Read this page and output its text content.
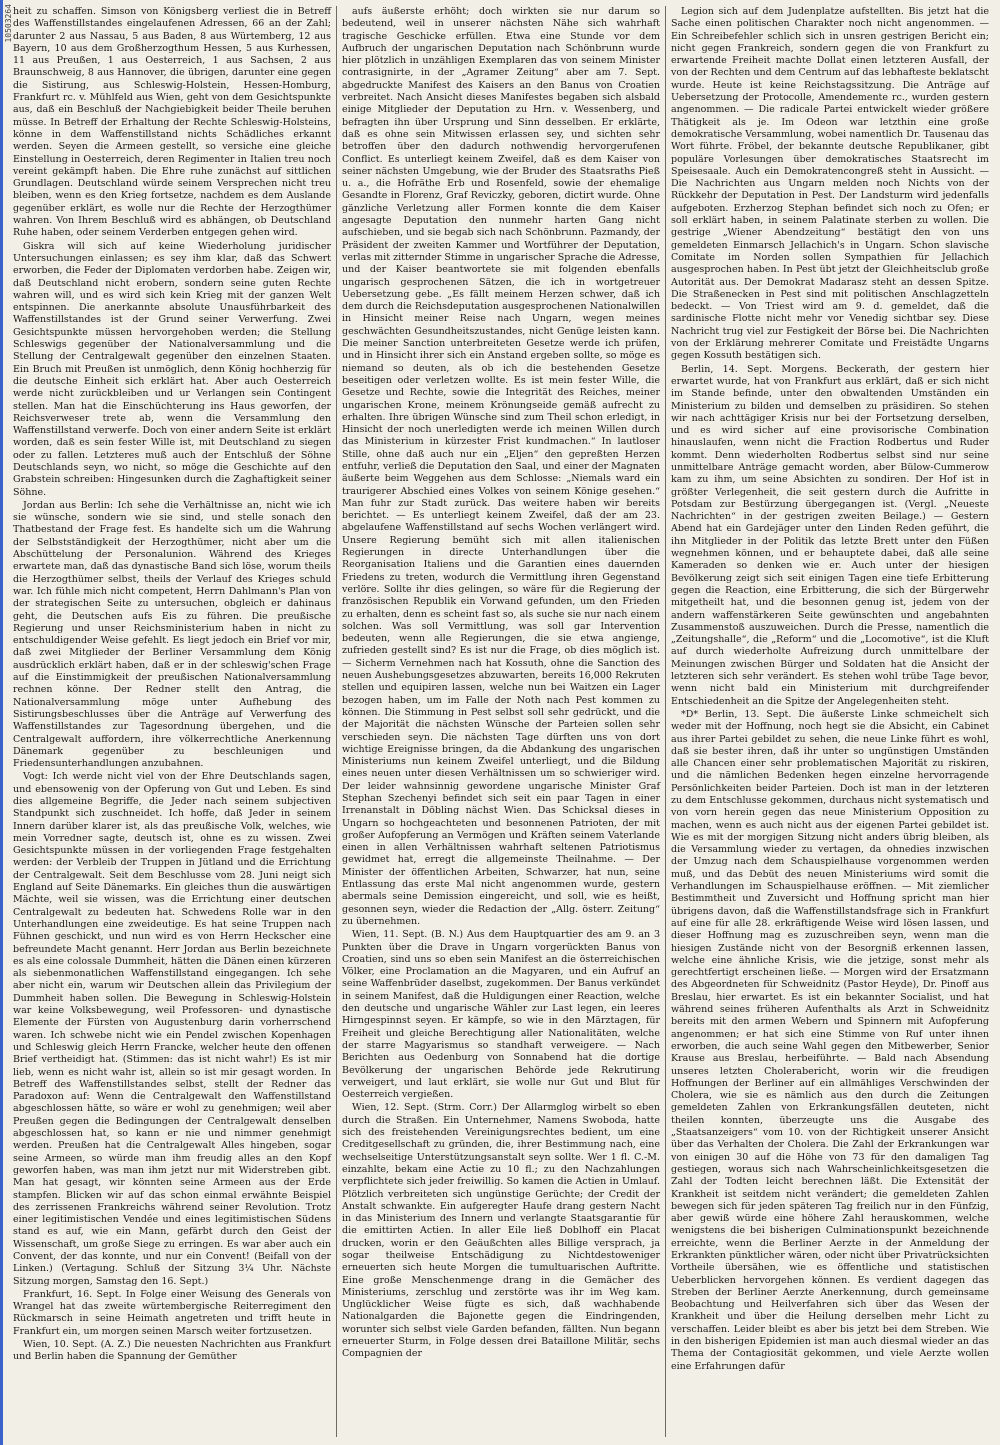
10503264 heit zu schaffen. Simson von Königsberg verliest die in Betreff des Waffenstillstandes eingelaufenen Adressen, 66 an der Zahl; darunter 2 aus Nassau, 5 aus Baden, 8 aus Würtemberg, 12 aus Bayern, 10 aus dem Großherzogthum Hessen, 5 aus Kurhessen, 11 aus Preußen, 1 aus Oesterreich, 1 aus Sachsen, 2 aus Braunschweig, 8 aus Hannover, die übrigen, darunter eine gegen die Sistirung, aus Schleswig-Holstein, Hessen-Homburg, Frankfurt rc. v. Mühlfeld aus Wien, geht von dem Gesichtspunkte aus, daß ein Beschluß der Nachgiebigkeit beider Theile beruhen müsse. In Betreff der Erhaltung der Rechte Schleswig-Holsteins, könne in dem Waffenstillstand nichts Schädliches erkannt werden. Seyen die Armeen gestellt, so versiche eine gleiche Einstellung in Oesterreich, deren Regimenter in Italien treu noch vereint gekämpft haben. Die Ehre ruhe zunächst auf sittlichen Grundlagen. Deutschland würde seinem Versprechen nicht treu bleiben, wenn es den Krieg fortsetze, nachdem es dem Auslande gegenüber erklärt, es wolle nur die Rechte der Herzogthümer wahren. Von Ihrem Beschluß wird es abhängen, ob Deutschland Ruhe haben, oder seinem Verderben entgegen gehen wird.

Giskra will sich auf keine Wiederholung juridischer Untersuchungen einlassen; es sey ihm klar, daß das Schwert erworben, die Feder der Diplomaten verdorben habe. Zeigen wir, daß Deutschland nicht erobern, sondern seine guten Rechte wahren will, und es wird sich kein Krieg mit der ganzen Welt entspinnen. Die anerkannte absolute Unausführbarkeit des Waffenstillstandes ist der Grund seiner Verwerfung. Zwei Gesichtspunkte müssen hervorgehoben werden; die Stellung Schleswigs gegenüber der Nationalversammlung und die Stellung der Centralgewalt gegenüber den einzelnen Staaten. Ein Bruch mit Preußen ist unmöglich, denn König hochherzig für die deutsche Einheit sich erklärt hat. Aber auch Oesterreich werde nicht zurückbleiben und ur Verlangen sein Contingent stellen. Man hat die Einschüchterung ins Haus geworfen, der Reichsverweser trete ab, wenn die Versammlung den Waffenstillstand verwerfe. Doch von einer andern Seite ist erklärt worden, daß es sein fester Wille ist, mit Deutschland zu siegen oder zu fallen. Letzteres muß auch der Entschluß der Söhne Deutschlands seyn, wo nicht, so möge die Geschichte auf den Grabstein schreiben: Hingesunken durch die Zaghaftigkeit seiner Söhne.

Jordan aus Berlin: Ich sehe die Verhältnisse an, nicht wie ich sie wünsche, sondern wie sie sind, und stelle sonach den Thatbestand der Frage fest. Es handelte sich um die Wahrung der Selbstständigkeit der Herzogthümer, nicht aber um die Abschüttelung der Personalunion. Während des Krieges erwartete man, daß das dynastische Band sich löse, worum theils die Herzogthümer selbst, theils der Verlauf des Krieges schuld war. Ich fühle mich nicht competent, Herrn Dahlmann's Plan von der strategischen Seite zu untersuchen, obgleich er dahinaus geht, die Deutschen aufs Eis zu führen. Die preußische Regierung und unser Reichsministerium haben in nicht zu entschuldigender Weise gefehlt. Es liegt jedoch ein Brief vor mir, daß zwei Mitglieder der Berliner Versammlung dem König ausdrücklich erklärt haben, daß er in der schleswig'schen Frage auf die Einstimmigkeit der preußischen Nationalversammlung rechnen könne. Der Redner stellt den Antrag, die Nationalversammlung möge unter Aufhebung des Sistirungsbeschlusses über die Anträge auf Verwerfung des Waffenstillstandes zur Tagesordnung übergehen, und die Centralgewalt auffordern, ihre völkerrechtliche Anerkennung Dänemark gegenüber zu beschleunigen und Friedensunterhandlungen anzubahnen.

Vogt: Ich werde nicht viel von der Ehre Deutschlands sagen, und ebensowenig von der Opferung von Gut und Leben. Es sind dies allgemeine Begriffe, die Jeder nach seinem subjectiven Standpunkt sich zuschneidet. Ich hoffe, daß Jeder in seinem Innern darüber klarer ist, als das preußische Volk, welches, wie mein Vorredner sagte, deutsch ist, ohne es zu wissen. Zwei Gesichtspunkte müssen in der vorliegenden Frage festgehalten werden: der Verbleib der Truppen in Jütland und die Errichtung der Centralgewalt. Seit dem Beschlusse vom 28. Juni neigt sich England auf Seite Dänemarks. Ein gleiches thun die auswärtigen Mächte, weil sie wissen, was die Errichtung einer deutschen Centralgewalt zu bedeuten hat. Schwedens Rolle war in den Unterhandlungen eine zweideutige. Es hat seine Truppen nach Fühnen geschickt, und nun wird es von Herrn Heckscher eine befreundete Macht genannt. Herr Jordan aus Berlin bezeichnete es als eine colossale Dummheit, hätten die Dänen einen kürzeren als siebenmonatlichen Waffenstillstand eingegangen. Ich sehe aber nicht ein, warum wir Deutschen allein das Privilegium der Dummheit haben sollen. Die Bewegung in Schleswig-Holstein war keine Volksbewegung, weil Professoren- und dynastische Elemente der Fürsten von Augustenburg darin vorherrschend waren. Ich schwebe nicht wie ein Pendel zwischen Kopenhagen und Schleswig gleich Herrn Francke, welcher heute den offenen Brief vertheidigt hat. (Stimmen: das ist nicht wahr!) Es ist mir lieb, wenn es nicht wahr ist, allein so ist mir gesagt worden. In Betreff des Waffenstillstandes selbst, stellt der Redner das Paradoxon auf: Wenn die Centralgewalt den Waffenstillstand abgeschlossen hätte, so wäre er wohl zu genehmigen; weil aber Preußen gegen die Bedingungen der Centralgewalt denselben abgeschlossen hat, so kann er nie und nimmer genehmigt werden. Preußen hat die Centralgewalt Alles hingeben, sogar seine Armeen, so würde man ihm freudig alles an den Kopf geworfen haben, was man ihm jetzt nur mit Widerstreben gibt. Man hat gesagt, wir könnten seine Armeen aus der Erde stampfen. Blicken wir auf das schon einmal erwähnte Beispiel des zerrissenen Frankreichs während seiner Revolution. Trotz einer legitimistischen Vendée und eines legitimistischen Südens stand es auf, wie ein Mann, gefärbt durch den Geist der Wissenschaft, um große Siege zu erringen. Es war aber auch ein Convent, der das konnte, und nur ein Convent! (Beifall von der Linken.) (Vertagung. Schluß der Sitzung 3¼ Uhr. Nächste Sitzung morgen, Samstag den 16. Sept.)

Frankfurt, 16. Sept. In Folge einer Weisung des Generals von Wrangel hat das zweite würtembergische Reiterregiment den Rückmarsch in seine Heimath angetreten und trifft heute in Frankfurt ein, um morgen seinen Marsch weiter fortzusetzen.

Wien, 10. Sept. (A. Z.) Die neuesten Nachrichten aus Frankfurt und Berlin haben die Spannung der Gemüther

aufs äußerste erhöht; doch wirkten sie nur darum so bedeutend, weil in unserer nächsten Nähe sich wahrhaft tragische Geschicke erfüllen. Etwa eine Stunde vor dem Aufbruch der ungarischen Deputation nach Schönbrunn wurde hier plötzlich in unzähligen Exemplaren das von seinem Minister contrasignirte, in der „Agramer Zeitung“ aber am 7. Sept. abgedruckte Manifest des Kaisers an den Banus von Croatien verbreitet. Nach Ansicht dieses Manifestes begaben sich alsbald einige Mitglieder der Deputation zu Hrn. v. Wessenberg, und befragten ihn über Ursprung und Sinn desselben. Er erklärte, daß es ohne sein Mitwissen erlassen sey, und sichten sehr betroffen über den dadurch nothwendig hervorgerufenen Conflict. Es unterliegt keinem Zweifel, daß es dem Kaiser von seiner nächsten Umgebung, wie der Bruder des Staatsraths Pieß u. a., die Hofräthe Erb und Rosenfeld, sowie der ehemalige Gesandte in Florenz, Graf Reviczky, geboren, dictirt wurde. Ohne gänzliche Verletzung aller Formen konnte die dem Kaiser angesagte Deputation den nunmehr harten Gang nicht aufschieben, und sie begab sich nach Schönbrunn. Pazmandy, der Präsident der zweiten Kammer und Wortführer der Deputation, verlas mit zitternder Stimme in ungarischer Sprache die Adresse, und der Kaiser beantwortete sie mit folgenden ebenfalls ungarisch gesprochenen Sätzen, die ich in wortgetreuer Uebersetzung gebe. „Es fällt meinem Herzen schwer, daß ich dem durch die Reichsdeputation ausgesprochenen Nationalwillen in Hinsicht meiner Reise nach Ungarn, wegen meines geschwächten Gesundheitszustandes, nicht Genüge leisten kann. Die meiner Sanction unterbreiteten Gesetze werde ich prüfen, und in Hinsicht ihrer sich ein Anstand ergeben sollte, so möge es niemand so deuten, als ob ich die bestehenden Gesetze beseitigen oder verletzen wollte. Es ist mein fester Wille, die Gesetze und Rechte, sowie die Integrität des Reiches, meiner ungarischen Krone, meinem Krönungseide gemäß aufrecht zu erhalten. Ihre übrigen Wünsche sind zum Theil schon erledigt, in Hinsicht der noch unerledigten werde ich meinen Willen durch das Ministerium in kürzester Frist kundmachen.“ In lautloser Stille, ohne daß auch nur ein „Eljen“ den gepreßten Herzen entfuhr, verließ die Deputation den Saal, und einer der Magnaten äußerte beim Weggehen aus dem Schlosse: „Niemals ward ein traurigerer Abschied eines Volkes von seinem Könige gesehen.“ Man fuhr zur Stadt zurück. Das weitere haben wir bereits berichtet. — Es unterliegt keinem Zweifel, daß der am 23. abgelaufene Waffenstillstand auf sechs Wochen verlängert wird. Unsere Regierung bemüht sich mit allen italienischen Regierungen in directe Unterhandlungen über die Reorganisation Italiens und die Garantien eines dauernden Friedens zu treten, wodurch die Vermittlung ihren Gegenstand verlöre. Sollte ihr dies gelingen, so wäre für die Regierung der französischen Republik ein Vorwand gefunden, um den Frieden zu erhalten, denn es scheint fast so, als suche sie nur nach einem solchen. Was soll Vermittlung, was soll gar Intervention bedeuten, wenn alle Regierungen, die sie etwa angienge, zufrieden gestellt sind? Es ist nur die Frage, ob dies möglich ist. — Sicherm Vernehmen nach hat Kossuth, ohne die Sanction des neuen Aushebungsgesetzes abzuwarten, bereits 16,000 Rekruten stellen und equipiren lassen, welche nun bei Waitzen ein Lager bezogen haben, um im Falle der Noth nach Pest kommen zu können. Die Stimmung in Pest selbst soll sehr gedrückt, und die der Majorität die nächsten Wünsche der Parteien sollen sehr verschieden seyn. Die nächsten Tage dürften uns von dort wichtige Ereignisse bringen, da die Abdankung des ungarischen Ministeriums nun keinem Zweifel unterliegt, und die Bildung eines neuen unter diesen Verhältnissen um so schwieriger wird. Der leider wahnsinnig gewordene ungarische Minister Graf Stephan Szechenyi befindet sich seit ein paar Tagen in einer Irrenanstalt in Döbling nächst Wien. Das Schicksal dieses in Ungarn so hochgeachteten und besonnenen Patrioten, der mit großer Aufopferung an Vermögen und Kräften seinem Vaterlande einen in allen Verhältnissen wahrhaft seltenen Patriotismus gewidmet hat, erregt die allgemeinste Theilnahme. — Der Minister der öffentlichen Arbeiten, Schwarzer, hat nun, seine Entlassung das erste Mal nicht angenommen wurde, gestern abermals seine Demission eingereicht, und soll, wie es heißt, gesonnen seyn, wieder die Redaction der „Allg. österr. Zeitung“ zu übernehmen.

Wien, 11. Sept. (B. N.) Aus dem Hauptquartier des am 9. an 3 Punkten über die Drave in Ungarn vorgerückten Banus von Croatien, sind uns so eben sein Manifest an die österreichischen Völker, eine Proclamation an die Magyaren, und ein Aufruf an seine Waffenbrüder daselbst, zugekommen. Der Banus verkündet in seinem Manifest, daß die Huldigungen einer Reaction, welche den deutsche und ungarische Wähler zur Last legen, ein leeres Hirngespinnst seyen. Er kämpfe, so wie in den Märztagen, für Freiheit und gleiche Berechtigung aller Nationalitäten, welche der starre Magyarismus so standhaft verweigere. — Nach Berichten aus Oedenburg von Sonnabend hat die dortige Bevölkerung der ungarischen Behörde jede Rekrutirung verweigert, und laut erklärt, sie wolle nur Gut und Blut für Oesterreich vergießen.

Wien, 12. Sept. (Strm. Corr.) Der Allarmglog wirbelt so eben durch die Straßen. Ein Unternehmer, Namens Swoboda, hatte sich des freistehenden Vereinigungsrechtes bedient, um eine Creditgesellschaft zu gründen, die, ihrer Bestimmung nach, eine wechselseitige Unterstützungsanstalt seyn sollte. Wer 1 fl. C.-M. einzahlte, bekam eine Actie zu 10 fl.; zu den Nachzahlungen verpflichtete sich jeder freiwillig. So kamen die Actien in Umlauf. Plötzlich verbreiteten sich ungünstige Gerüchte; der Credit der Anstalt schwankte. Ein aufgeregter Haufe drang gestern Nacht in das Ministerium des Innern und verlangte Staatsgarantie für die emittirten Actien. In aller Eile ließ Doblhoff ein Placat drucken, worin er den Geäußchten alles Billige versprach, ja sogar theilweise Entschädigung zu Nichtdestoweniger erneuerten sich heute Morgen die tumultuarischen Auftritte. Eine große Menschenmenge drang in die Gemächer des Ministeriums, zerschlug und zerstörte was ihr im Weg kam. Unglücklicher Weise fügte es sich, daß wachhabende Nationalgarden die Bajonette gegen die Eindringenden, worunter sich selbst viele Garden befanden, fällten. Nun begann erneuerter Sturm, in Folge dessen drei Bataillone Militär, sechs Compagnien der

Legion sich auf dem Judenplatze aufstellten. Bis jetzt hat die Sache einen politischen Charakter noch nicht angenommen. — Ein Schreibefehler schlich sich in unsren gestrigen Bericht ein; nicht gegen Frankreich, sondern gegen die von Frankfurt zu erwartende Freiheit machte Dollat einen letzteren Ausfall, der von der Rechten und dem Centrum auf das lebhafteste beklatscht wurde. Heute ist keine Reichstagssitzung. Die Anträge auf Uebersetzung der Protocolle, Amendemente rc., wurden gestern angenommen. — Die radicale Partei entwickelt wieder größere Thätigkeit als je. Im Odeon war letzthin eine große demokratische Versammlung, wobei namentlich Dr. Tausenau das Wort führte. Fröbel, der bekannte deutsche Republikaner, gibt populäre Vorlesungen über demokratisches Staatsrecht im Speisesaale. Auch ein Demokratencongreß steht in Aussicht. — Die Nachrichten aus Ungarn melden noch Nichts von der Rückkehr der Deputation in Pest. Der Landsturm wird jedenfalls aufgeboten. Erzherzog Stephan befindet sich noch zu Ofen; er soll erklärt haben, in seinem Palatinate sterben zu wollen. Die gestrige „Wiener Abendzeitung“ bestätigt den von uns gemeldeten Einmarsch Jellachich's in Ungarn. Schon slavische Comitate im Norden sollen Sympathien für Jellachich ausgesprochen haben. In Pest übt jetzt der Gleichheitsclub große Autorität aus. Der Demokrat Madarasz steht an dessen Spitze. Die Straßenecken in Pest sind mit politischen Anschlagzetteln bedeckt. — Von Triest wird am 9. d. gemeldet, daß die sardinische Flotte nicht mehr vor Venedig sichtbar sey. Diese Nachricht trug viel zur Festigkeit der Börse bei. Die Nachrichten von der Erklärung mehrerer Comitate und Freistädte Ungarns gegen Kossuth bestätigen sich.

Berlin, 14. Sept. Morgens. Beckerath, der gestern hier erwartet wurde, hat von Frankfurt aus erklärt, daß er sich nicht im Stande befinde, unter den obwaltenden Umständen ein Ministerium zu bilden und demselben zu präsidiren. So stehen wir nach achttägiger Krisis nur bei der Fortsetzung derselben, und es wird sicher auf eine provisorische Combination hinauslaufen, wenn nicht die Fraction Rodbertus und Ruder kommt. Denn wiederholten Rodbertus selbst sind nur seine unmittelbare Anträge gemacht worden, aber Bülow-Cummerow kam zu ihm, um seine Absichten zu sondiren. Der Hof ist in größter Verlegenheit, die seit gestern durch die Aufritte in Potsdam zur Bestürzung übergegangen ist. (Vergl. „Neueste Nachrichten“ in der gestrigen zweiten Beilage.) — Gestern Abend hat ein Gardejäger unter den Linden Reden geführt, die ihn Mitglieder in der Politik das letzte Brett unter den Füßen wegnehmen können, und er behauptete dabei, daß alle seine Kameraden so denken wie er. Auch unter der hiesigen Bevölkerung zeigt sich seit einigen Tagen eine tiefe Erbitterung gegen die Reaction, eine Erbitterung, die sich der Bürgerwehr mitgetheilt hat, und die besonnen genug ist, jedem von der andern waffenstärkeren Seite gewünschten und angebahnten Zusammenstoß auszuweichen. Durch die Presse, namentlich die „Zeitungshalle“, die „Reform“ und die „Locomotive“, ist die Kluft auf durch wiederholte Aufreizung durch unmittelbare der Meinungen zwischen Bürger und Soldaten hat die Ansicht der letzteren sich sehr verändert. Es stehen wohl trübe Tage bevor, wenn nicht bald ein Ministerium mit durchgreifender Entschiedenheit an die Spitze der Angelegenheiten steht.

*D* Berlin, 13. Sept. Die äußerste Linke schmeichelt sich weder mit der Hoffnung, noch hegt sie die Absicht, ein Cabinet aus ihrer Partei gebildet zu sehen, die neue Linke führt es wohl, daß sie bester ihren, daß ihr unter so ungünstigen Umständen alle Chancen einer sehr problematischen Majorität zu riskiren, und die nämlichen Bedenken hegen einzelne hervorragende Persönlichkeiten beider Parteien. Doch ist man in der letzteren zu dem Entschlusse gekommen, durchaus nicht systematisch und von vorn herein gegen das neue Ministerium Opposition zu machen, wenn es auch nicht aus der eigenen Partei gebildet ist. Wie es mit der morgigen Sitzung nicht anders übrig bleiben, als die Versammlung wieder zu vertagen, da ohnedies inzwischen der Umzug nach dem Schauspielhause vorgenommen werden muß, und das Debüt des neuen Ministeriums wird somit die Verhandlungen im Schauspielhause eröffnen. — Mit ziemlicher Bestimmtheit und Zuversicht und Hoffnung spricht man hier übrigens davon, daß die Waffenstillstandsfrage sich in Frankfurt auf eine für alle 28. erkräftigende Weise wird lösen lassen, und dieser Hoffnung mag es zuzuschreiben seyn, wenn man die hiesigen Zustände nicht von der Besorgniß erkennen lassen, welche eine ähnliche Krisis, wie die jetzige, sonst mehr als gerechtfertigt erscheinen ließe. — Morgen wird der Ersatzmann des Abgeordneten für Schweidnitz (Pastor Heyde), Dr. Pinoff aus Breslau, hier erwartet. Es ist ein bekannter Socialist, und hat während seines früheren Aufenthalts als Arzt in Schweidnitz bereits mit den armen Webern und Spinnern mit Aufopferung angenommen; er hat sich eine Stimme von Ruf unter ihnen erworben, die auch seine Wahl gegen den Mitbewerber, Senior Krause aus Breslau, herbeiführte. — Bald nach Absendung unseres letzten Cholerabericht, worin wir die freudigen Hoffnungen der Berliner auf ein allmähliges Verschwinden der Cholera, wie sie es nämlich aus den durch die Zeitungen gemeldeten Zahlen von Erkrankungsfällen deuteten, nicht theilen konnten, überzeugte uns die Ausgabe des „Staatsanzeigers“ vom 10. von der Richtigkeit unserer Ansicht über das Verhalten der Cholera. Die Zahl der Erkrankungen war von einigen 30 auf die Höhe von 73 für den damaligen Tag gestiegen, woraus sich nach Wahrscheinlichkeitsgesetzen die Zahl der Todten leicht berechnen läßt. Die Extensität der Krankheit ist seitdem nicht verändert; die gemeldeten Zahlen bewegen sich für jeden späteren Tag freilich nur in den Fünfzig, aber gewiß würde eine höhere Zahl herauskommen, welche wenigstens die bei bisherigen Culminationspunkt bezeichnende erreichte, wenn die Berliner Aerzte in der Anmeldung der Erkrankten pünktlicher wären, oder nicht über Privatrücksichten Vortheile übersähen, wie es öffentliche und statistischen Ueberblicken hervorgehen können. Es verdient dagegen das Streben der Berliner Aerzte Anerkennung, durch gemeinsame Beobachtung und Heilverfahren sich über das Wesen der Krankheit und über die Heilung derselben mehr Licht zu verschaffen. Leider bleibt es aber bis jetzt bei dem Streben. Wie in den bisherigen Epidemien ist man auch diesmal wieder an das Thema der Contagiosität gekommen, und viele Aerzte wollen eine Erfahrungen dafür
